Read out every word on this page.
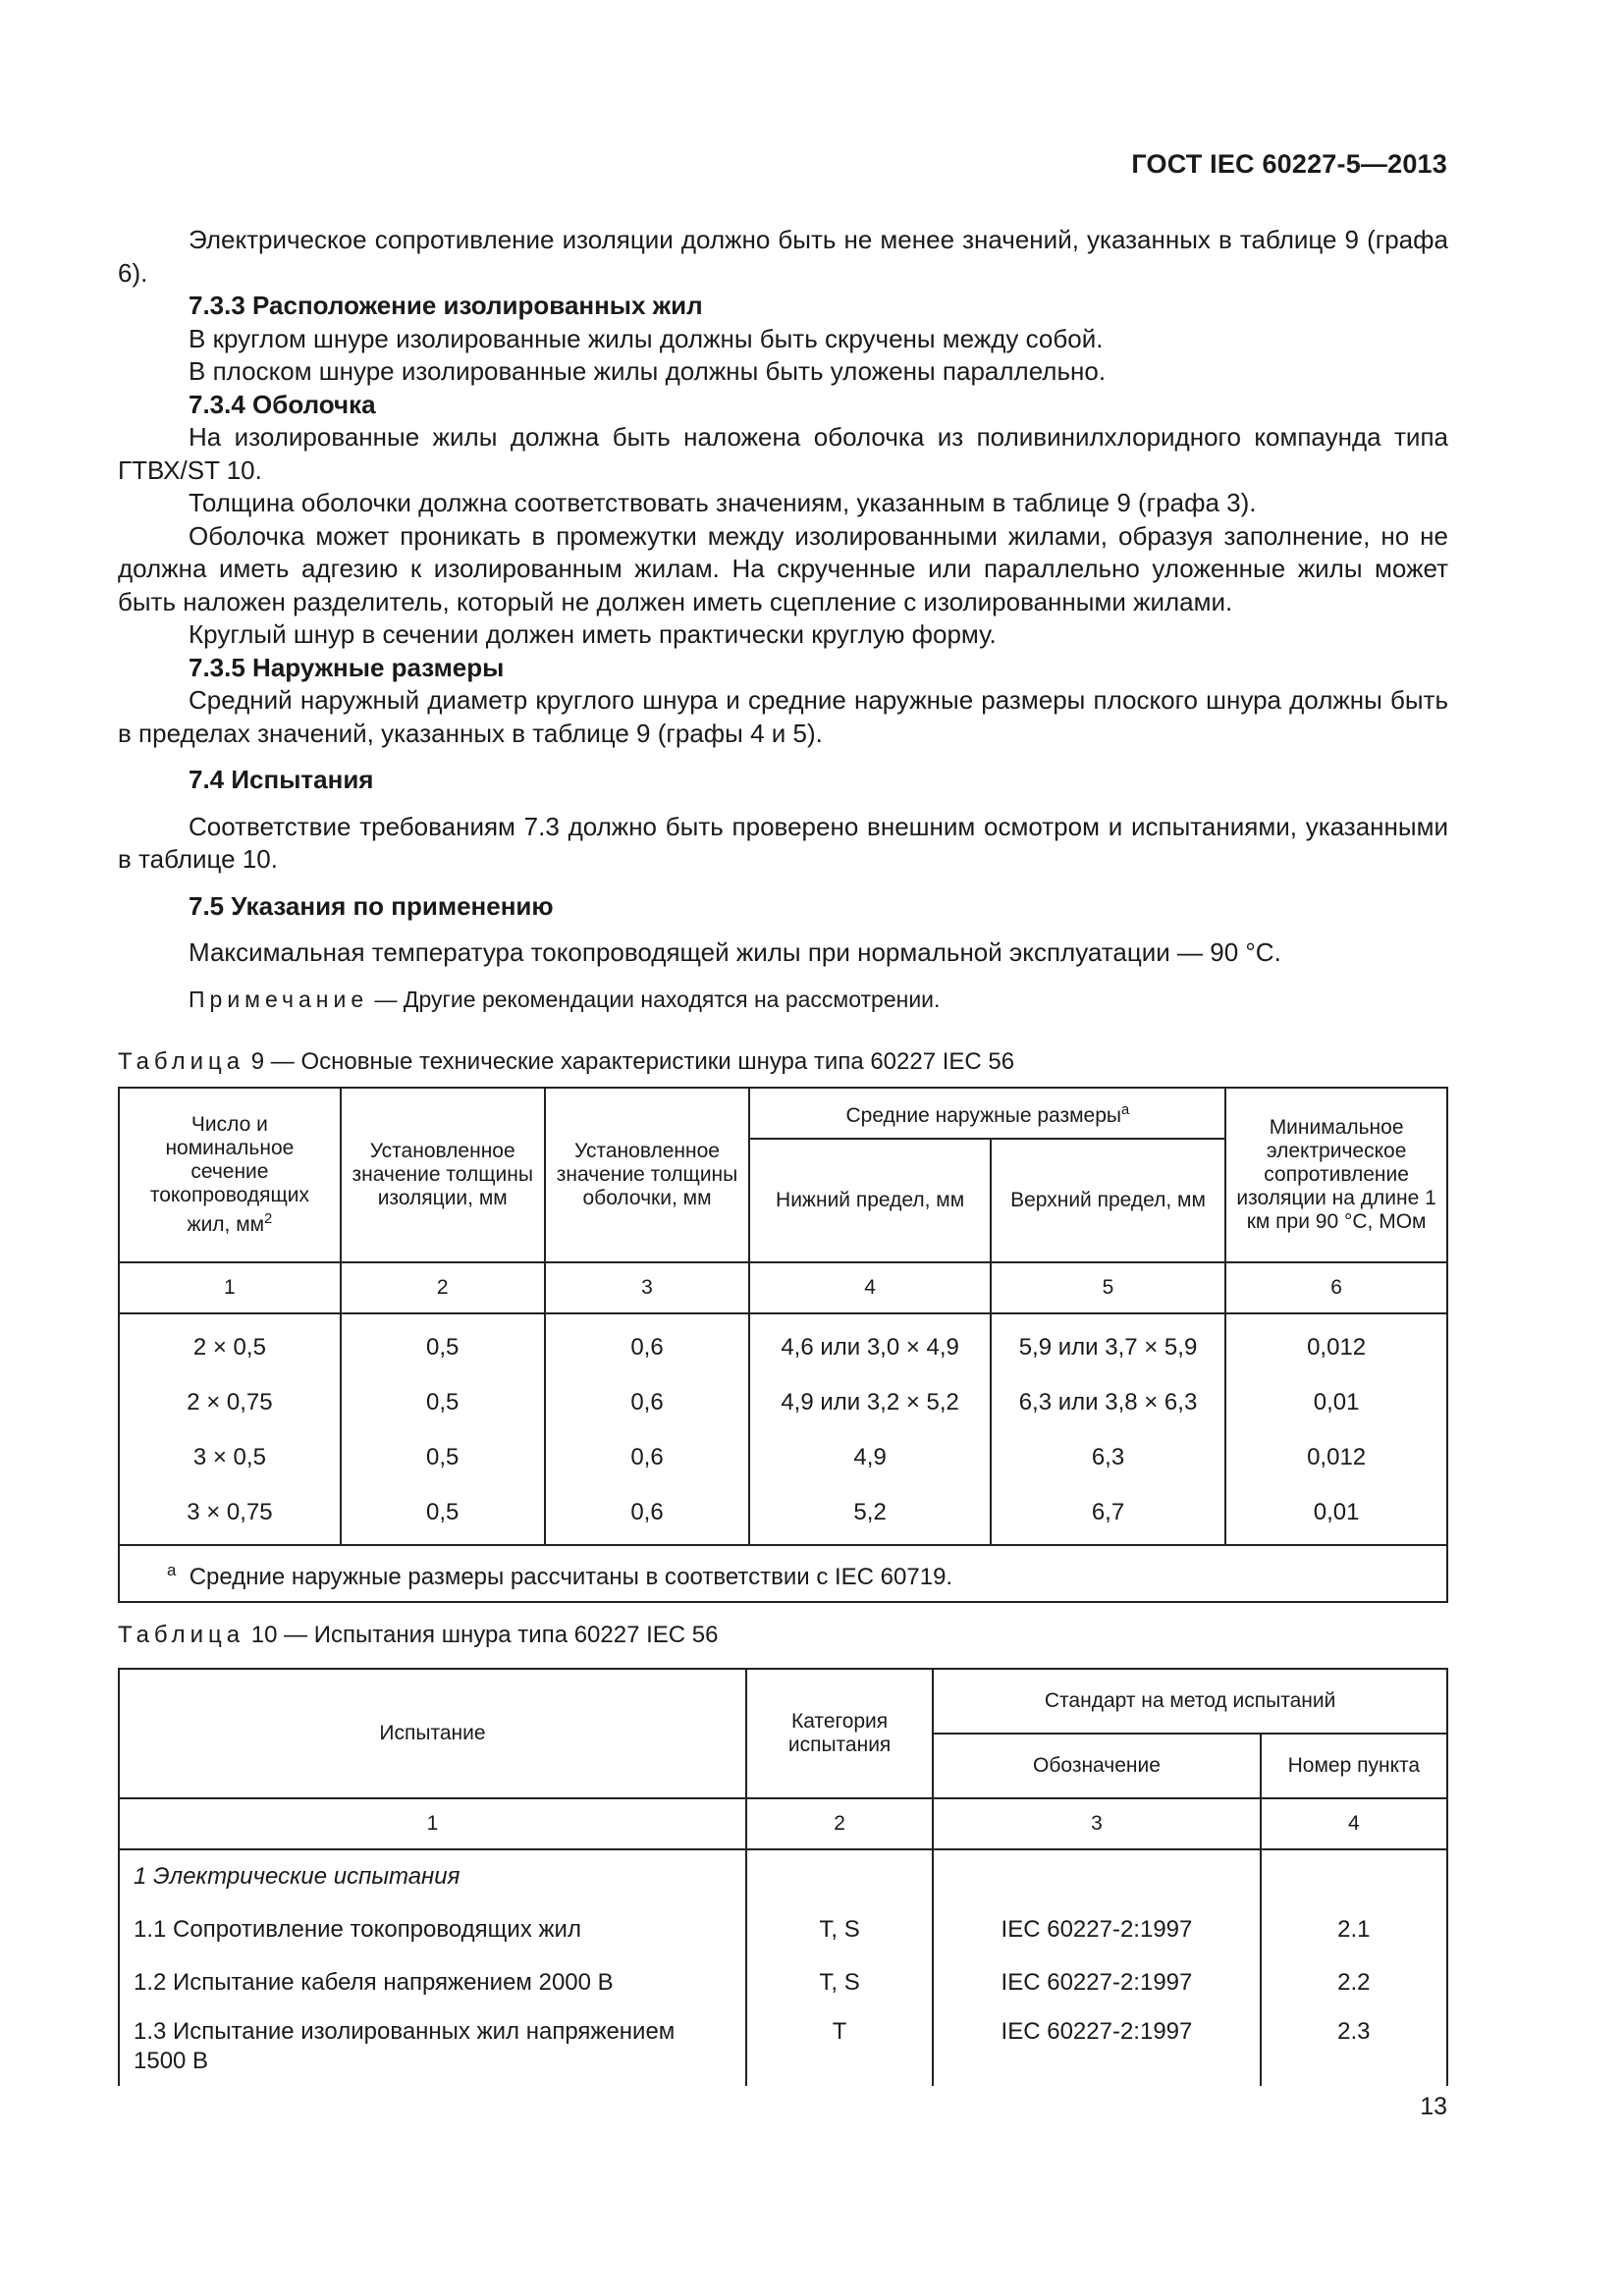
ГОСТ IEC 60227-5—2013

Электрическое сопротивление изоляции должно быть не менее значений, указанных в таблице 9 (графа 6).

7.3.3 Расположение изолированных жил

В круглом шнуре изолированные жилы должны быть скручены между собой.

В плоском шнуре изолированные жилы должны быть уложены параллельно.

7.3.4 Оболочка

На изолированные жилы должна быть наложена оболочка из поливинилхлоридного компаунда типа ГТВХ/ST 10.

Толщина оболочки должна соответствовать значениям, указанным в таблице 9 (графа 3).

Оболочка может проникать в промежутки между изолированными жилами, образуя заполнение, но не должна иметь адгезию к изолированным жилам. На скрученные или параллельно уложенные жилы может быть наложен разделитель, который не должен иметь сцепление с изолированными жилами.

Круглый шнур в сечении должен иметь практически круглую форму.

7.3.5 Наружные размеры

Средний наружный диаметр круглого шнура и средние наружные размеры плоского шнура должны быть в пределах значений, указанных в таблице 9 (графы 4 и 5).

7.4 Испытания

Соответствие требованиям 7.3 должно быть проверено внешним осмотром и испытаниями, указанными в таблице 10.

7.5 Указания по применению

Максимальная температура токопроводящей жилы при нормальной эксплуатации — 90 °С.

Примечание — Другие рекомендации находятся на рассмотрении.

Таблица 9 — Основные технические характеристики шнура типа 60227 IEC 56

Число и номинальное сечение токопроводящих жил, $мм^2$	Установленное значение толщины изоляции, мм	Установленное значение толщины оболочки, мм	Средние наружные размеры$^a$		Минимальное электрическое сопротивление изоляции на длине 1 км при 90 °С, МОм
			Нижний предел, мм	Верхний предел, мм	
1	2	3	4	5	6
2 × 0,5	0,5	0,6	4,6 или 3,0 × 4,9	5,9 или 3,7 × 5,9	0,012
2 × 0,75	0,5	0,6	4,9 или 3,2 × 5,2	6,3 или 3,8 × 6,3	0,01
3 × 0,5	0,5	0,6	4,9	6,3	0,012
3 × 0,75	0,5	0,6	5,2	6,7	0,01
$^a$ Средние наружные размеры рассчитаны в соответствии с IEC 60719.					

Таблица 10 — Испытания шнура типа 60227 IEC 56

Испытание	Категория испытания	Стандарт на метод испытаний	
		Обозначение	Номер пункта
1	2	3	4
1 Электрические испытания			
1.1 Сопротивление токопроводящих жил	T, S	IEC 60227-2:1997	2.1
1.2 Испытание кабеля напряжением 2000 В	T, S	IEC 60227-2:1997	2.2
1.3 Испытание изолированных жил напряжением 1500 В	T	IEC 60227-2:1997	2.3
13
